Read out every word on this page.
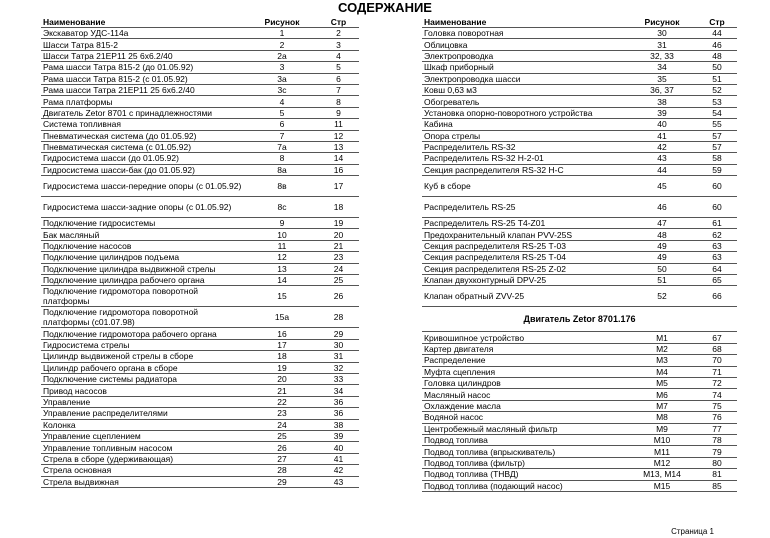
СОДЕРЖАНИЕ
Наименование	Рисунок	Стр
Экскаватор УДС-114а	1	2
Шасси Татра 815-2	2	3
Шасси Татра 21ЕР11 25 6х6.2/40	2а	4
Рама шасси Татра 815-2 (до 01.05.92)	3	5
Рама шасси Татра 815-2 (с 01.05.92)	3а	6
Рама шасси Татра 21ЕР11 25 6х6.2/40	3с	7
Рама платформы	4	8
Двигатель Zetor 8701 с принадлежностями	5	9
Система топливная	6	11
Пневматическая система (до 01.05.92)	7	12
Пневматическая система (с 01.05.92)	7а	13
Гидросистема шасси (до 01.05.92)	8	14
Гидросистема шасси-бак (до 01.05.92)	8а	16
Гидросистема шасси-передние опоры (с 01.05.92)	8в	17
Гидросистема шасси-задние опоры (с 01.05.92)	8с	18
Подключение гидросистемы	9	19
Бак масляный	10	20
Подключение насосов	11	21
Подключение цилиндров подъема	12	23
Подключение цилиндра выдвижной стрелы	13	24
Подключение цилиндра рабочего органа	14	25
Подключение гидромотора поворотной платформы	15	26
Подключение гидромотора поворотной платформы (с01.07.98)	15а	28
Подключение гидромотора рабочего органа	16	29
Гидросистема стрелы	17	30
Цилиндр выдвиженой стрелы в сборе	18	31
Цилиндр рабочего органа в сборе	19	32
Подключение системы радиатора	20	33
Привод насосов	21	34
Управление	22	36
Управление распределителями	23	36
Колонка	24	38
Управление сцеплением	25	39
Управление топливным насосом	26	40
Стрела в сборе (удерживающая)	27	41
Стрела основная	28	42
Стрела выдвижная	29	43
Наименование	Рисунок	Стр
Головка поворотная	30	44
Облицовка	31	46
Электропроводка	32, 33	48
Шкаф приборный	34	50
Электропроводка шасси	35	51
Ковш 0,63 м3	36, 37	52
Обогреватель	38	53
Установка опорно-поворотного устройства	39	54
Кабина	40	55
Опора стрелы	41	57
Распределитель RS-32	42	57
Распределитель RS-32 Н-2-01	43	58
Секция распределителя RS-32 Н-С	44	59
Куб в сборе	45	60
Распределитель RS-25	46	60
Распределитель RS-25 Т4-Z01	47	61
Предохранительный клапан PVV-25S	48	62
Секция распределителя RS-25 Т-03	49	63
Секция распределителя RS-25 Т-04	49	63
Секция распределителя RS-25 Z-02	50	64
Клапан двухконтурный DPV-25	51	65
Клапан обратный ZVV-25	52	66
Двигатель Zetor 8701.176		
Кривошипное устройство	M1	67
Картер двигателя	M2	68
Распределение	M3	70
Муфта сцепления	M4	71
Головка цилиндров	M5	72
Масляный насос	M6	74
Охлаждение масла	M7	75
Водяной насос	M8	76
Центробежный масляный фильтр	M9	77
Подвод топлива	M10	78
Подвод топлива (впрыскиватель)	M11	79
Подвод топлива (фильтр)	M12	80
Подвод топлива (ТНВД)	M13, M14	81
Подвод топлива (подающий насос)	M15	85
Страница 1
